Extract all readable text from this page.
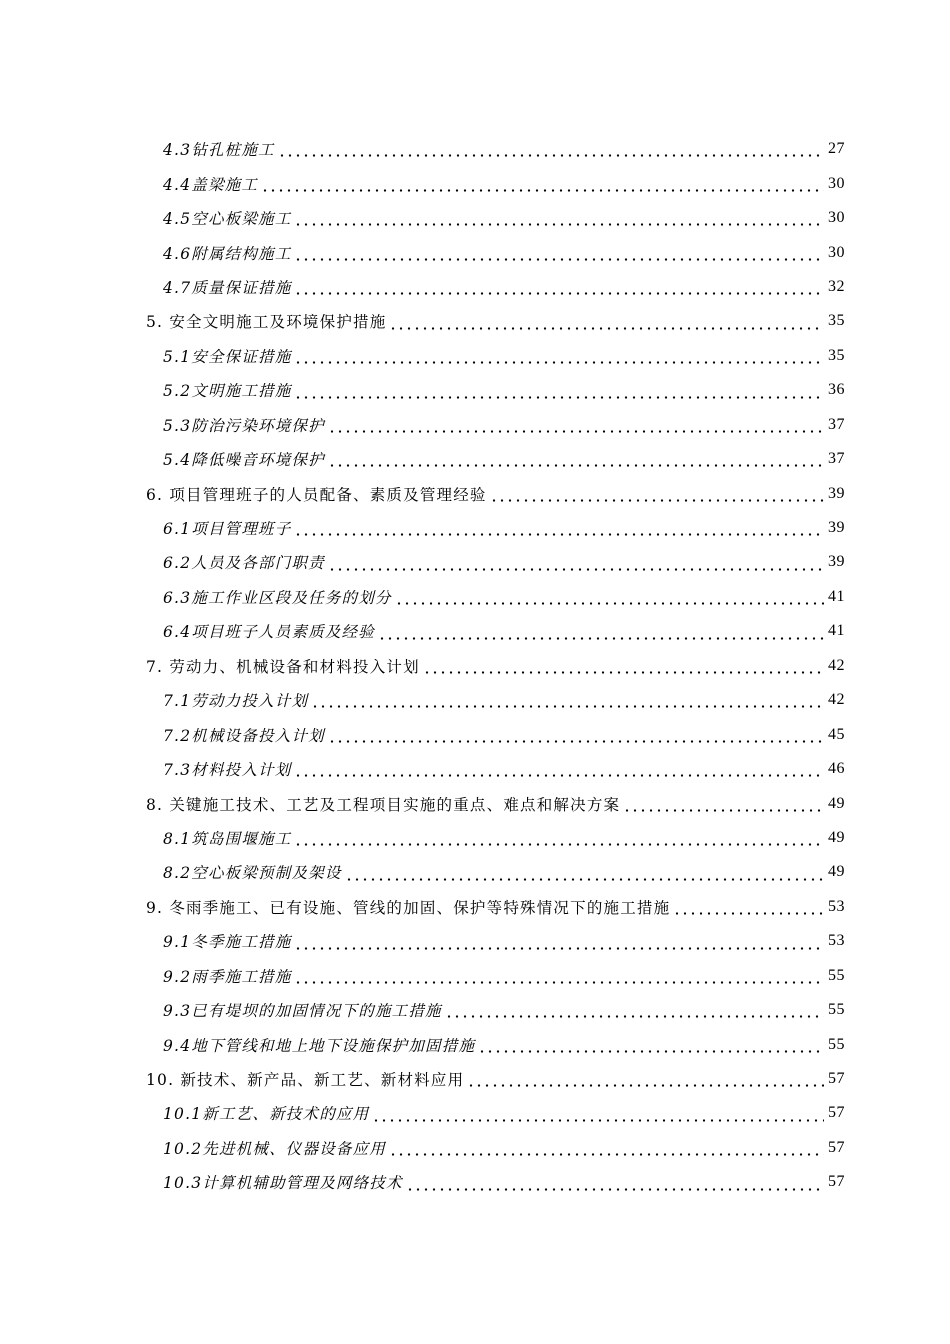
4.3钻孔桩施工	27
4.4盖梁施工	30
4.5空心板梁施工	30
4.6附属结构施工	30
4.7质量保证措施	32
5. 安全文明施工及环境保护措施	35
5.1安全保证措施	35
5.2文明施工措施	36
5.3防治污染环境保护	37
5.4降低噪音环境保护	37
6. 项目管理班子的人员配备、素质及管理经验	39
6.1项目管理班子	39
6.2人员及各部门职责	39
6.3施工作业区段及任务的划分	41
6.4项目班子人员素质及经验	41
7. 劳动力、机械设备和材料投入计划	42
7.1劳动力投入计划	42
7.2机械设备投入计划	45
7.3材料投入计划	46
8. 关键施工技术、工艺及工程项目实施的重点、难点和解决方案	49
8.1筑岛围堰施工	49
8.2空心板梁预制及架设	49
9. 冬雨季施工、已有设施、管线的加固、保护等特殊情况下的施工措施	53
9.1冬季施工措施	53
9.2雨季施工措施	55
9.3已有堤坝的加固情况下的施工措施	55
9.4地下管线和地上地下设施保护加固措施	55
10. 新技术、新产品、新工艺、新材料应用	57
10.1新工艺、新技术的应用	57
10.2先进机械、仪器设备应用	57
10.3计算机辅助管理及网络技术	57
